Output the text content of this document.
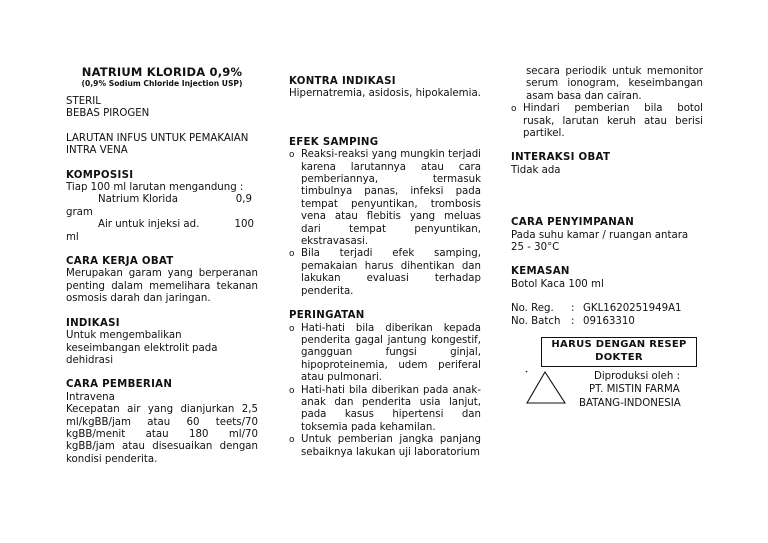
NATRIUM KLORIDA 0,9%
(0,9% Sodium Chloride Injection USP)
STERIL
BEBAS PIROGEN
LARUTAN INFUS UNTUK PEMAKAIAN
INTRA VENA
KOMPOSISI
Tiap 100 ml larutan mengandung :
Natrium Klorida	0,9
gram
Air untuk injeksi ad.	100
ml
CARA KERJA OBAT
Merupakan garam yang berperanan penting dalam memelihara tekanan osmosis darah dan jaringan.
INDIKASI
Untuk mengembalikan keseimbangan elektrolit pada dehidrasi
CARA PEMBERIAN
Intravena
Kecepatan air yang dianjurkan 2,5 ml/kgBB/jam atau 60 teets/70 kgBB/menit atau 180 ml/70 kgBB/jam atau disesuaikan dengan kondisi penderita.
KONTRA INDIKASI
Hipernatremia, asidosis, hipokalemia.
EFEK SAMPING
o Reaksi-reaksi yang mungkin terjadi karena larutannya atau cara pemberiannya, termasuk timbulnya panas, infeksi pada tempat penyuntikan, trombosis vena atau flebitis yang meluas dari tempat penyuntikan, ekstravasasi.
o Bila terjadi efek samping, pemakaian harus dihentikan dan lakukan evaluasi terhadap penderita.
PERINGATAN
o Hati-hati bila diberikan kepada penderita gagal jantung kongestif, gangguan fungsi ginjal, hipoproteinemia, udem periferal atau pulmonari.
o Hati-hati bila diberikan pada anak-anak dan penderita usia lanjut, pada kasus hipertensi dan toksemia pada kehamilan.
o Untuk pemberian jangka panjang sebaiknya lakukan uji laboratorium
secara periodik untuk memonitor serum ionogram, keseimbangan asam basa dan cairan.
o Hindari pemberian bila botol rusak, larutan keruh atau berisi partikel.
INTERAKSI OBAT
Tidak ada
CARA PENYIMPANAN
Pada suhu kamar / ruangan antara 25 - 30°C
KEMASAN
Botol Kaca 100 ml
No. Reg.	: GKL1620251949A1
No. Batch	: 09163310
HARUS DENGAN RESEP
DOKTER
Diproduksi oleh :
PT. MISTIN FARMA
BATANG-INDONESIA
